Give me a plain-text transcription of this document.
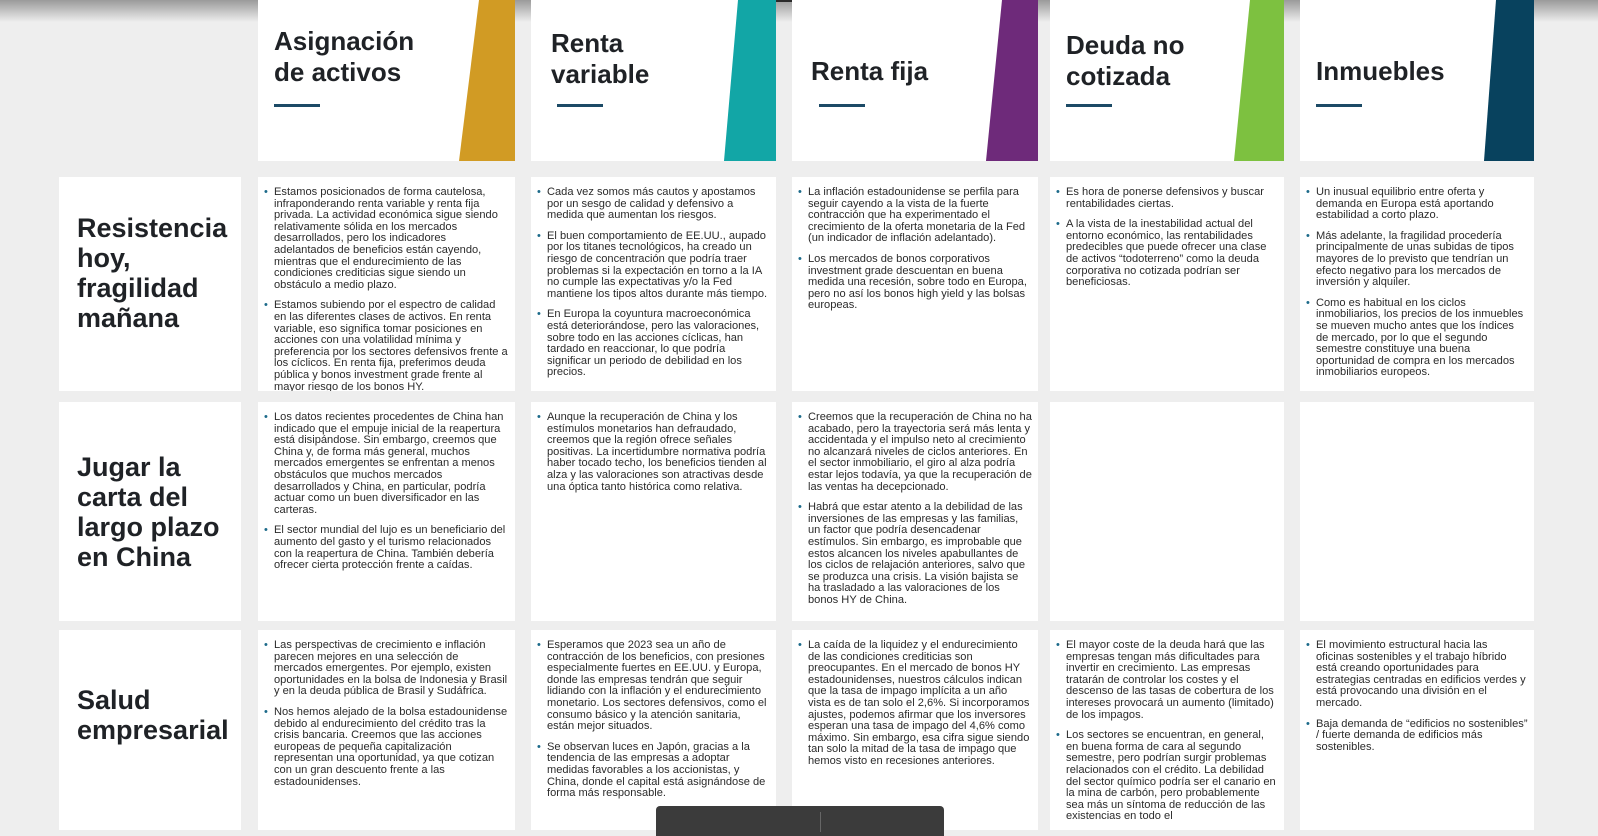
Asignación de activos
Renta variable	Renta fija
Deuda no cotizada	Inmuebles
Resistencia hoy, fragilidad mañana
Jugar la carta del largo plazo en China
Salud empresarial
• Estamos posicionados de forma cautelosa, infraponderando renta variable y renta fija privada. La actividad económica sigue siendo relativamente sólida en los mercados desarrollados, pero los indicadores adelantados de beneficios están cayendo, mientras que el endurecimiento de las condiciones crediticias sigue siendo un obstáculo a medio plazo.
• Estamos subiendo por el espectro de calidad en las diferentes clases de activos. En renta variable, eso significa tomar posiciones en acciones con una volatilidad mínima y preferencia por los sectores defensivos frente a los cíclicos. En renta fija, preferimos deuda pública y bonos investment grade frente al mayor riesgo de los bonos HY.
• Cada vez somos más cautos y apostamos por un sesgo de calidad y defensivo a medida que aumentan los riesgos.
• El buen comportamiento de EE.UU., aupado por los titanes tecnológicos, ha creado un riesgo de concentración que podría traer problemas si la expectación en torno a la IA no cumple las expectativas y/o la Fed mantiene los tipos altos durante más tiempo.
• En Europa la coyuntura macroeconómica está deteriorándose, pero las valoraciones, sobre todo en las acciones cíclicas, han tardado en reaccionar, lo que podría significar un periodo de debilidad en los precios.
• La inflación estadounidense se perfila para seguir cayendo a la vista de la fuerte contracción que ha experimentado el crecimiento de la oferta monetaria de la Fed (un indicador de inflación adelantado).
• Los mercados de bonos corporativos investment grade descuentan en buena medida una recesión, sobre todo en Europa, pero no así los bonos high yield y las bolsas europeas.
• Es hora de ponerse defensivos y buscar rentabilidades ciertas.
• A la vista de la inestabilidad actual del entorno económico, las rentabilidades predecibles que puede ofrecer una clase de activos “todoterreno” como la deuda corporativa no cotizada podrían ser beneficiosas.
• Un inusual equilibrio entre oferta y demanda en Europa está aportando estabilidad a corto plazo.
• Más adelante, la fragilidad procedería principalmente de unas subidas de tipos mayores de lo previsto que tendrían un efecto negativo para los mercados de inversión y alquiler.
• Como es habitual en los ciclos inmobiliarios, los precios de los inmuebles se mueven mucho antes que los índices de mercado, por lo que el segundo semestre constituye una buena oportunidad de compra en los mercados inmobiliarios europeos.
• Los datos recientes procedentes de China han indicado que el empuje inicial de la reapertura está disipándose. Sin embargo, creemos que China y, de forma más general, muchos mercados emergentes se enfrentan a menos obstáculos que muchos mercados desarrollados y China, en particular, podría actuar como un buen diversificador en las carteras.
• El sector mundial del lujo es un beneficiario del aumento del gasto y el turismo relacionados con la reapertura de China. También debería ofrecer cierta protección frente a caídas.
• Aunque la recuperación de China y los estímulos monetarios han defraudado, creemos que la región ofrece señales positivas. La incertidumbre normativa podría haber tocado techo, los beneficios tienden al alza y las valoraciones son atractivas desde una óptica tanto histórica como relativa.
• Creemos que la recuperación de China no ha acabado, pero la trayectoria será más lenta y accidentada y el impulso neto al crecimiento no alcanzará niveles de ciclos anteriores. En el sector inmobiliario, el giro al alza podría estar lejos todavía, ya que la recuperación de las ventas ha decepcionado.
• Habrá que estar atento a la debilidad de las inversiones de las empresas y las familias, un factor que podría desencadenar estímulos. Sin embargo, es improbable que estos alcancen los niveles apabullantes de los ciclos de relajación anteriores, salvo que se produzca una crisis. La visión bajista se ha trasladado a las valoraciones de los bonos HY de China.
• Las perspectivas de crecimiento e inflación parecen mejores en una selección de mercados emergentes. Por ejemplo, existen oportunidades en la bolsa de Indonesia y Brasil y en la deuda pública de Brasil y Sudáfrica.
• Nos hemos alejado de la bolsa estadounidense debido al endurecimiento del crédito tras la crisis bancaria. Creemos que las acciones europeas de pequeña capitalización representan una oportunidad, ya que cotizan con un gran descuento frente a las estadounidenses.
• Esperamos que 2023 sea un año de contracción de los beneficios, con presiones especialmente fuertes en EE.UU. y Europa, donde las empresas tendrán que seguir lidiando con la inflación y el endurecimiento monetario. Los sectores defensivos, como el consumo básico y la atención sanitaria, están mejor situados.
• Se observan luces en Japón, gracias a la tendencia de las empresas a adoptar medidas favorables a los accionistas, y China, donde el capital está asignándose de forma más responsable.
• La caída de la liquidez y el endurecimiento de las condiciones crediticias son preocupantes. En el mercado de bonos HY estadounidenses, nuestros cálculos indican que la tasa de impago implícita a un año vista es de tan solo el 2,6%. Si incorporamos ajustes, podemos afirmar que los inversores esperan una tasa de impago del 4,6% como máximo. Sin embargo, esa cifra sigue siendo tan solo la mitad de la tasa de impago que hemos visto en recesiones anteriores.
• El mayor coste de la deuda hará que las empresas tengan más dificultades para invertir en crecimiento. Las empresas tratarán de controlar los costes y el descenso de las tasas de cobertura de los intereses provocará un aumento (limitado) de los impagos.
• Los sectores se encuentran, en general, en buena forma de cara al segundo semestre, pero podrían surgir problemas relacionados con el crédito. La debilidad del sector químico podría ser el canario en la mina de carbón, pero probablemente sea más un síntoma de reducción de las existencias en todo el
• El movimiento estructural hacia las oficinas sostenibles y el trabajo híbrido está creando oportunidades para estrategias centradas en edificios verdes y está provocando una división en el mercado.
• Baja demanda de “edificios no sostenibles” / fuerte demanda de edificios más sostenibles.
